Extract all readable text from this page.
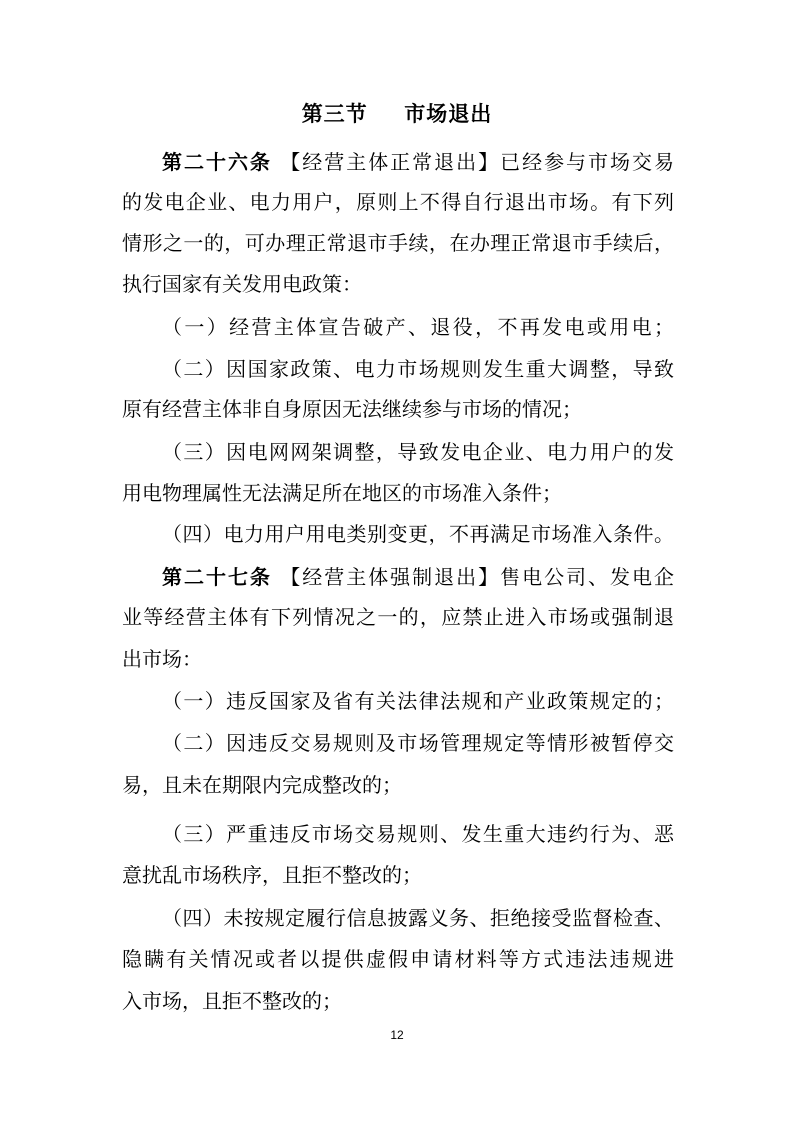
第三节  市场退出
第二十六条 【经营主体正常退出】已经参与市场交易
的发电企业、电力用户，原则上不得自行退出市场。有下列
情形之一的，可办理正常退市手续，在办理正常退市手续后，
执行国家有关发用电政策：
（一）经营主体宣告破产、退役，不再发电或用电；
（二）因国家政策、电力市场规则发生重大调整，导致
原有经营主体非自身原因无法继续参与市场的情况；
（三）因电网网架调整，导致发电企业、电力用户的发
用电物理属性无法满足所在地区的市场准入条件；
（四）电力用户用电类别变更，不再满足市场准入条件。
第二十七条 【经营主体强制退出】售电公司、发电企
业等经营主体有下列情况之一的，应禁止进入市场或强制退
出市场：
（一）违反国家及省有关法律法规和产业政策规定的；
（二）因违反交易规则及市场管理规定等情形被暂停交
易，且未在期限内完成整改的；
（三）严重违反市场交易规则、发生重大违约行为、恶
意扰乱市场秩序，且拒不整改的；
（四）未按规定履行信息披露义务、拒绝接受监督检查、
隐瞒有关情况或者以提供虚假申请材料等方式违法违规进
入市场，且拒不整改的；
12
